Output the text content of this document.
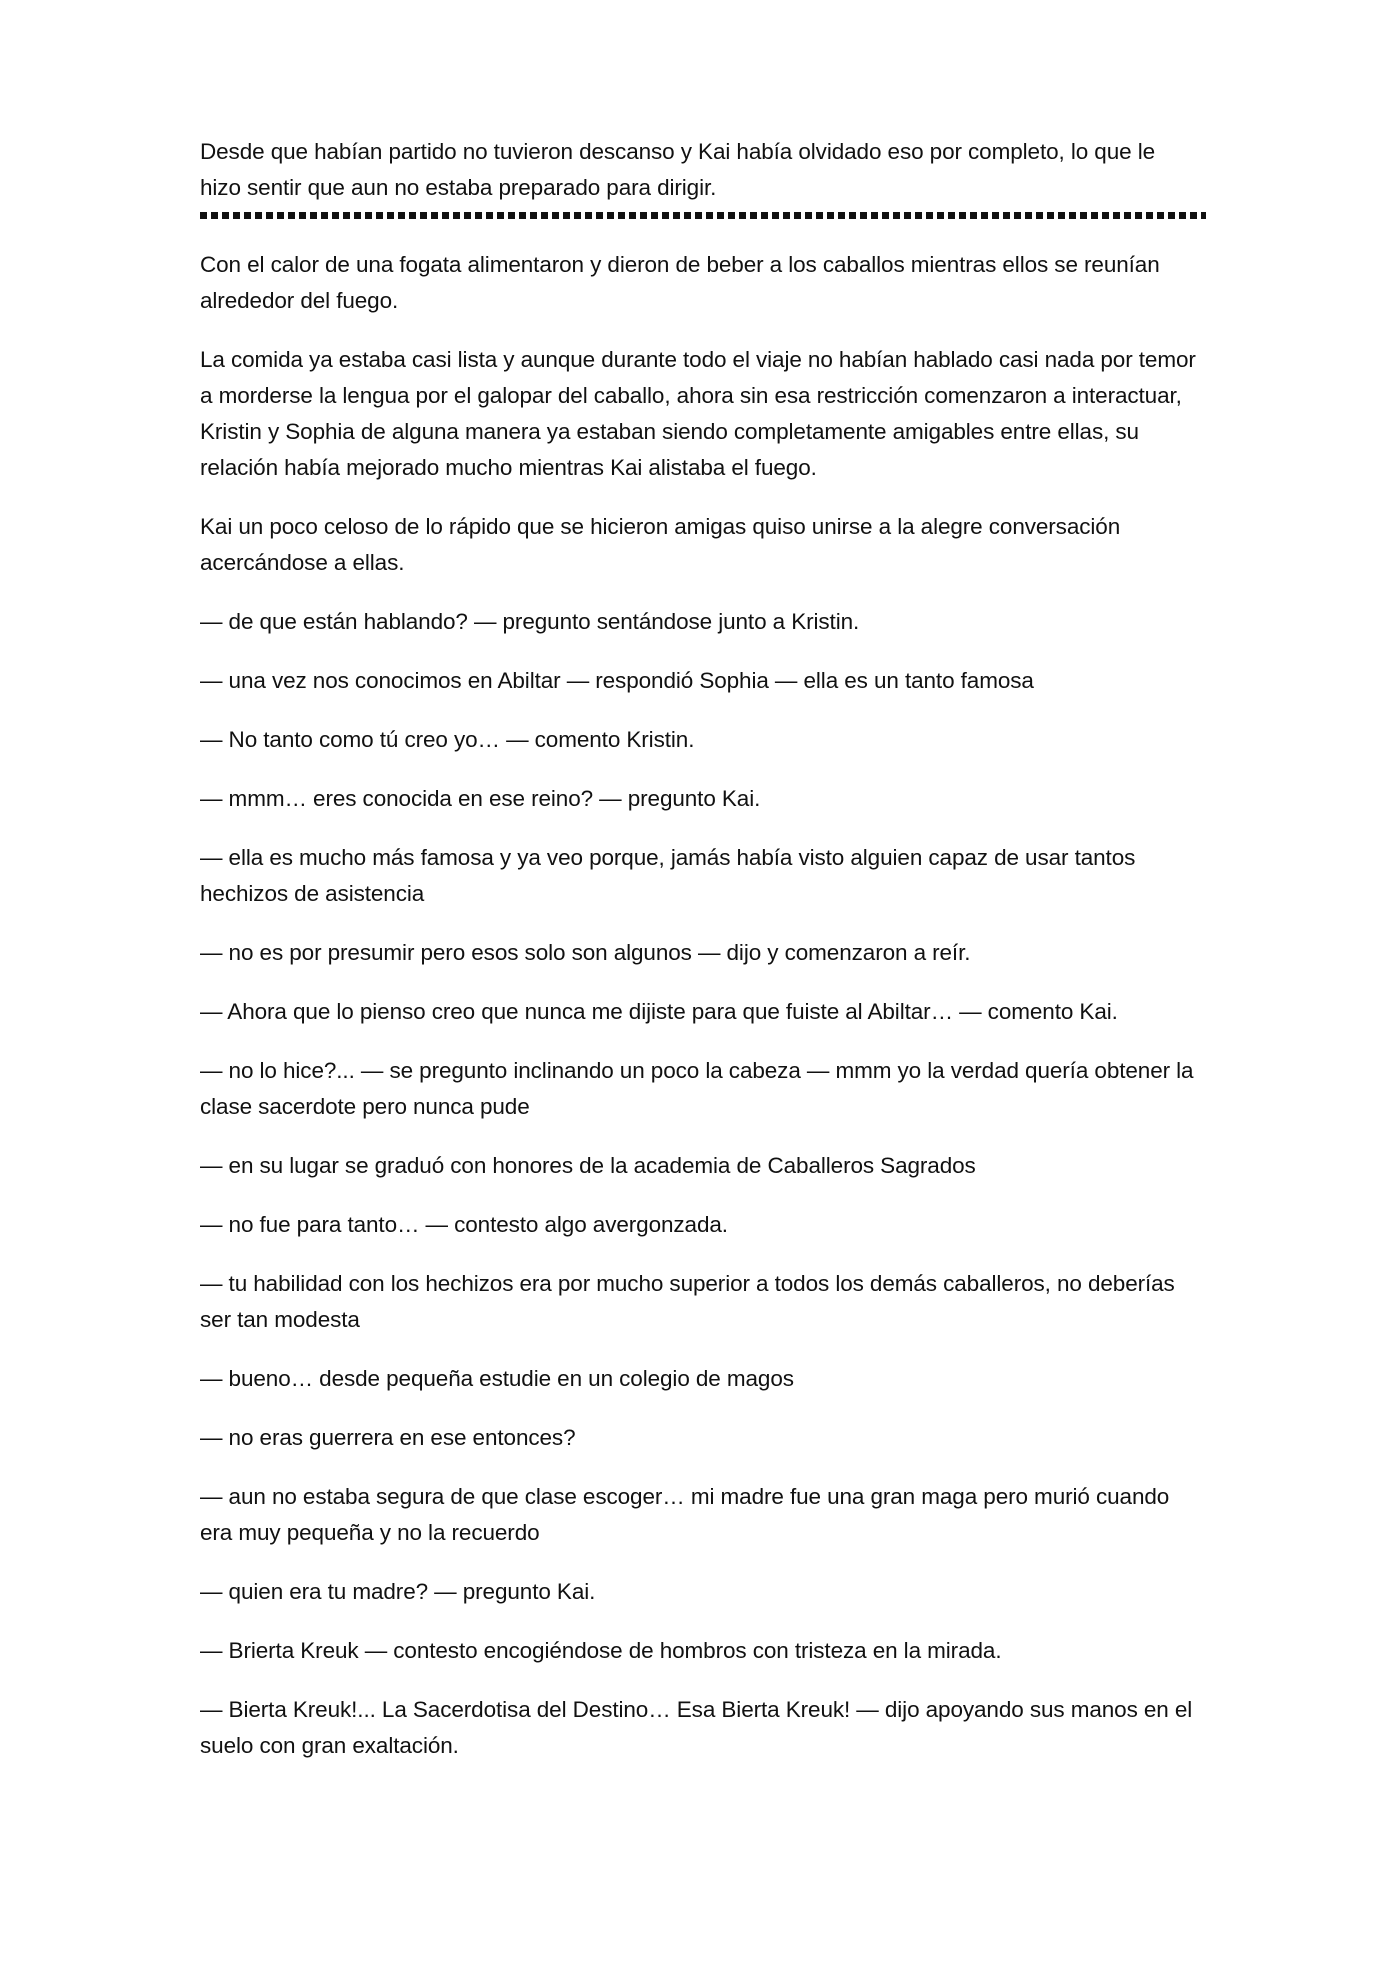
Desde que habían partido no tuvieron descanso y Kai había olvidado eso por completo, lo que le hizo sentir que aun no estaba preparado para dirigir.

Con el calor de una fogata alimentaron y dieron de beber a los caballos mientras ellos se reunían alrededor del fuego.

La comida ya estaba casi lista y aunque durante todo el viaje no habían hablado casi nada por temor a morderse la lengua por el galopar del caballo, ahora sin esa restricción comenzaron a interactuar, Kristin y Sophia de alguna manera ya estaban siendo completamente amigables entre ellas, su relación había mejorado mucho mientras Kai alistaba el fuego.

Kai un poco celoso de lo rápido que se hicieron amigas quiso unirse a la alegre conversación acercándose a ellas.

— de que están hablando? — pregunto sentándose junto a Kristin.

— una vez nos conocimos en Abiltar — respondió Sophia — ella es un tanto famosa

— No tanto como tú creo yo… — comento Kristin.

— mmm… eres conocida en ese reino? — pregunto Kai.

— ella es mucho más famosa y ya veo porque, jamás había visto alguien capaz de usar tantos hechizos de asistencia

— no es por presumir pero esos solo son algunos — dijo y comenzaron a reír.

— Ahora que lo pienso creo que nunca me dijiste para que fuiste al Abiltar… — comento Kai.

— no lo hice?... — se pregunto inclinando un poco la cabeza — mmm yo la verdad quería obtener la clase sacerdote pero nunca pude

— en su lugar se graduó con honores de la academia de Caballeros Sagrados

— no fue para tanto… — contesto algo avergonzada.

— tu habilidad con los hechizos era por mucho superior a todos los demás caballeros, no deberías ser tan modesta

— bueno… desde pequeña estudie en un colegio de magos

— no eras guerrera en ese entonces?

— aun no estaba segura de que clase escoger… mi madre fue una gran maga pero murió cuando era muy pequeña y no la recuerdo

— quien era tu madre? — pregunto Kai.

— Brierta Kreuk — contesto encogiéndose de hombros con tristeza en la mirada.

— Bierta Kreuk!... La Sacerdotisa del Destino… Esa Bierta Kreuk! — dijo apoyando sus manos en el suelo con gran exaltación.
